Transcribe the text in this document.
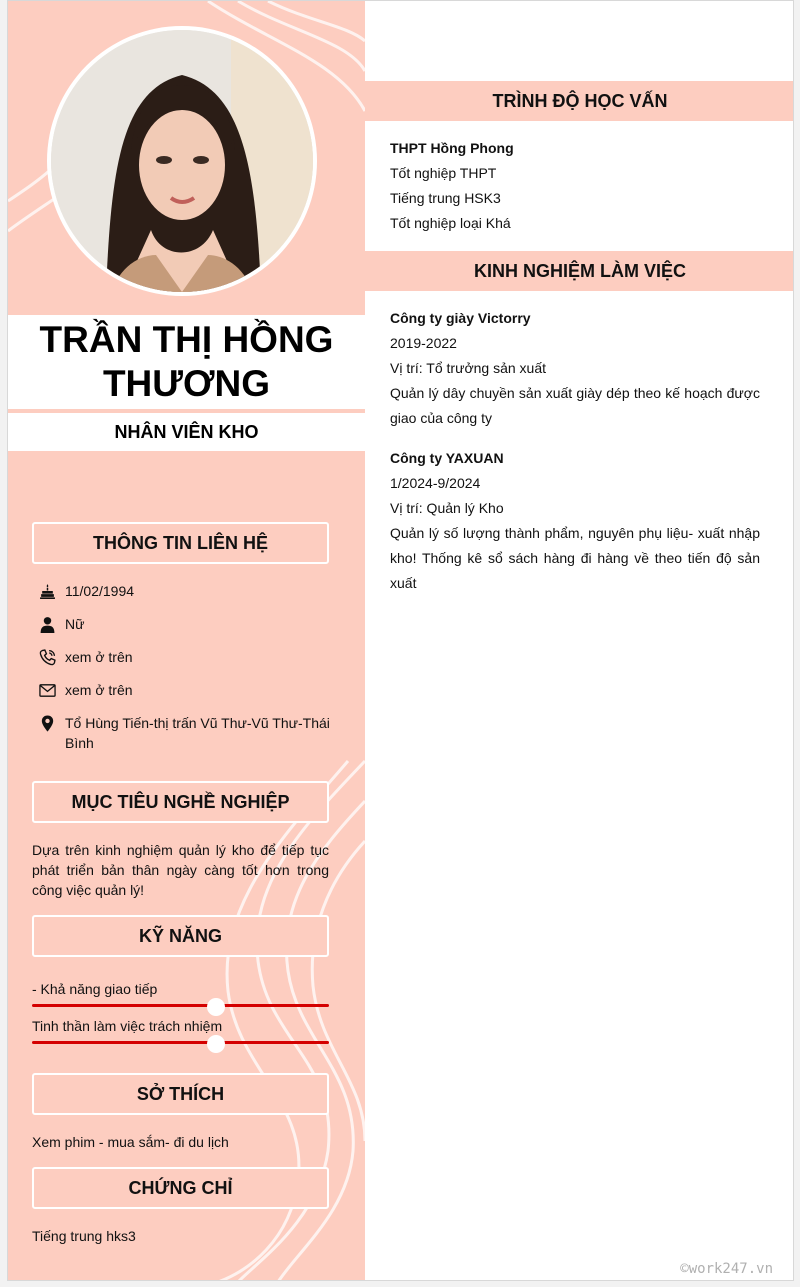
TRẦN THỊ HỒNG THƯƠNG
NHÂN VIÊN KHO
THÔNG TIN LIÊN HỆ
11/02/1994
Nữ
xem ở trên
xem ở trên
Tổ Hùng Tiến-thị trấn Vũ Thư-Vũ Thư-Thái Bình
MỤC TIÊU NGHỀ NGHIỆP
Dựa trên kinh nghiệm quản lý kho để tiếp tục phát triển bản thân ngày càng tốt hơn trong công việc quản lý!
KỸ NĂNG
- Khả năng giao tiếp
Tinh thần làm việc trách nhiệm
SỞ THÍCH
Xem phim - mua sắm- đi du lịch
CHỨNG CHỈ
Tiếng trung hks3
TRÌNH ĐỘ HỌC VẤN
THPT Hồng Phong
Tốt nghiệp THPT
Tiếng trung HSK3
Tốt nghiệp loại Khá
KINH NGHIỆM LÀM VIỆC
Công ty giày Victorry
2019-2022
Vị trí: Tổ trưởng sản xuất
Quản lý dây chuyền sản xuất giày dép theo kế hoạch được giao của công ty
Công ty YAXUAN
1/2024-9/2024
Vị trí: Quản lý Kho
Quản lý số lượng thành phẩm, nguyên phụ liệu- xuất nhập kho! Thống kê sổ sách hàng đi hàng về theo tiến độ sản xuất
©work247.vn
